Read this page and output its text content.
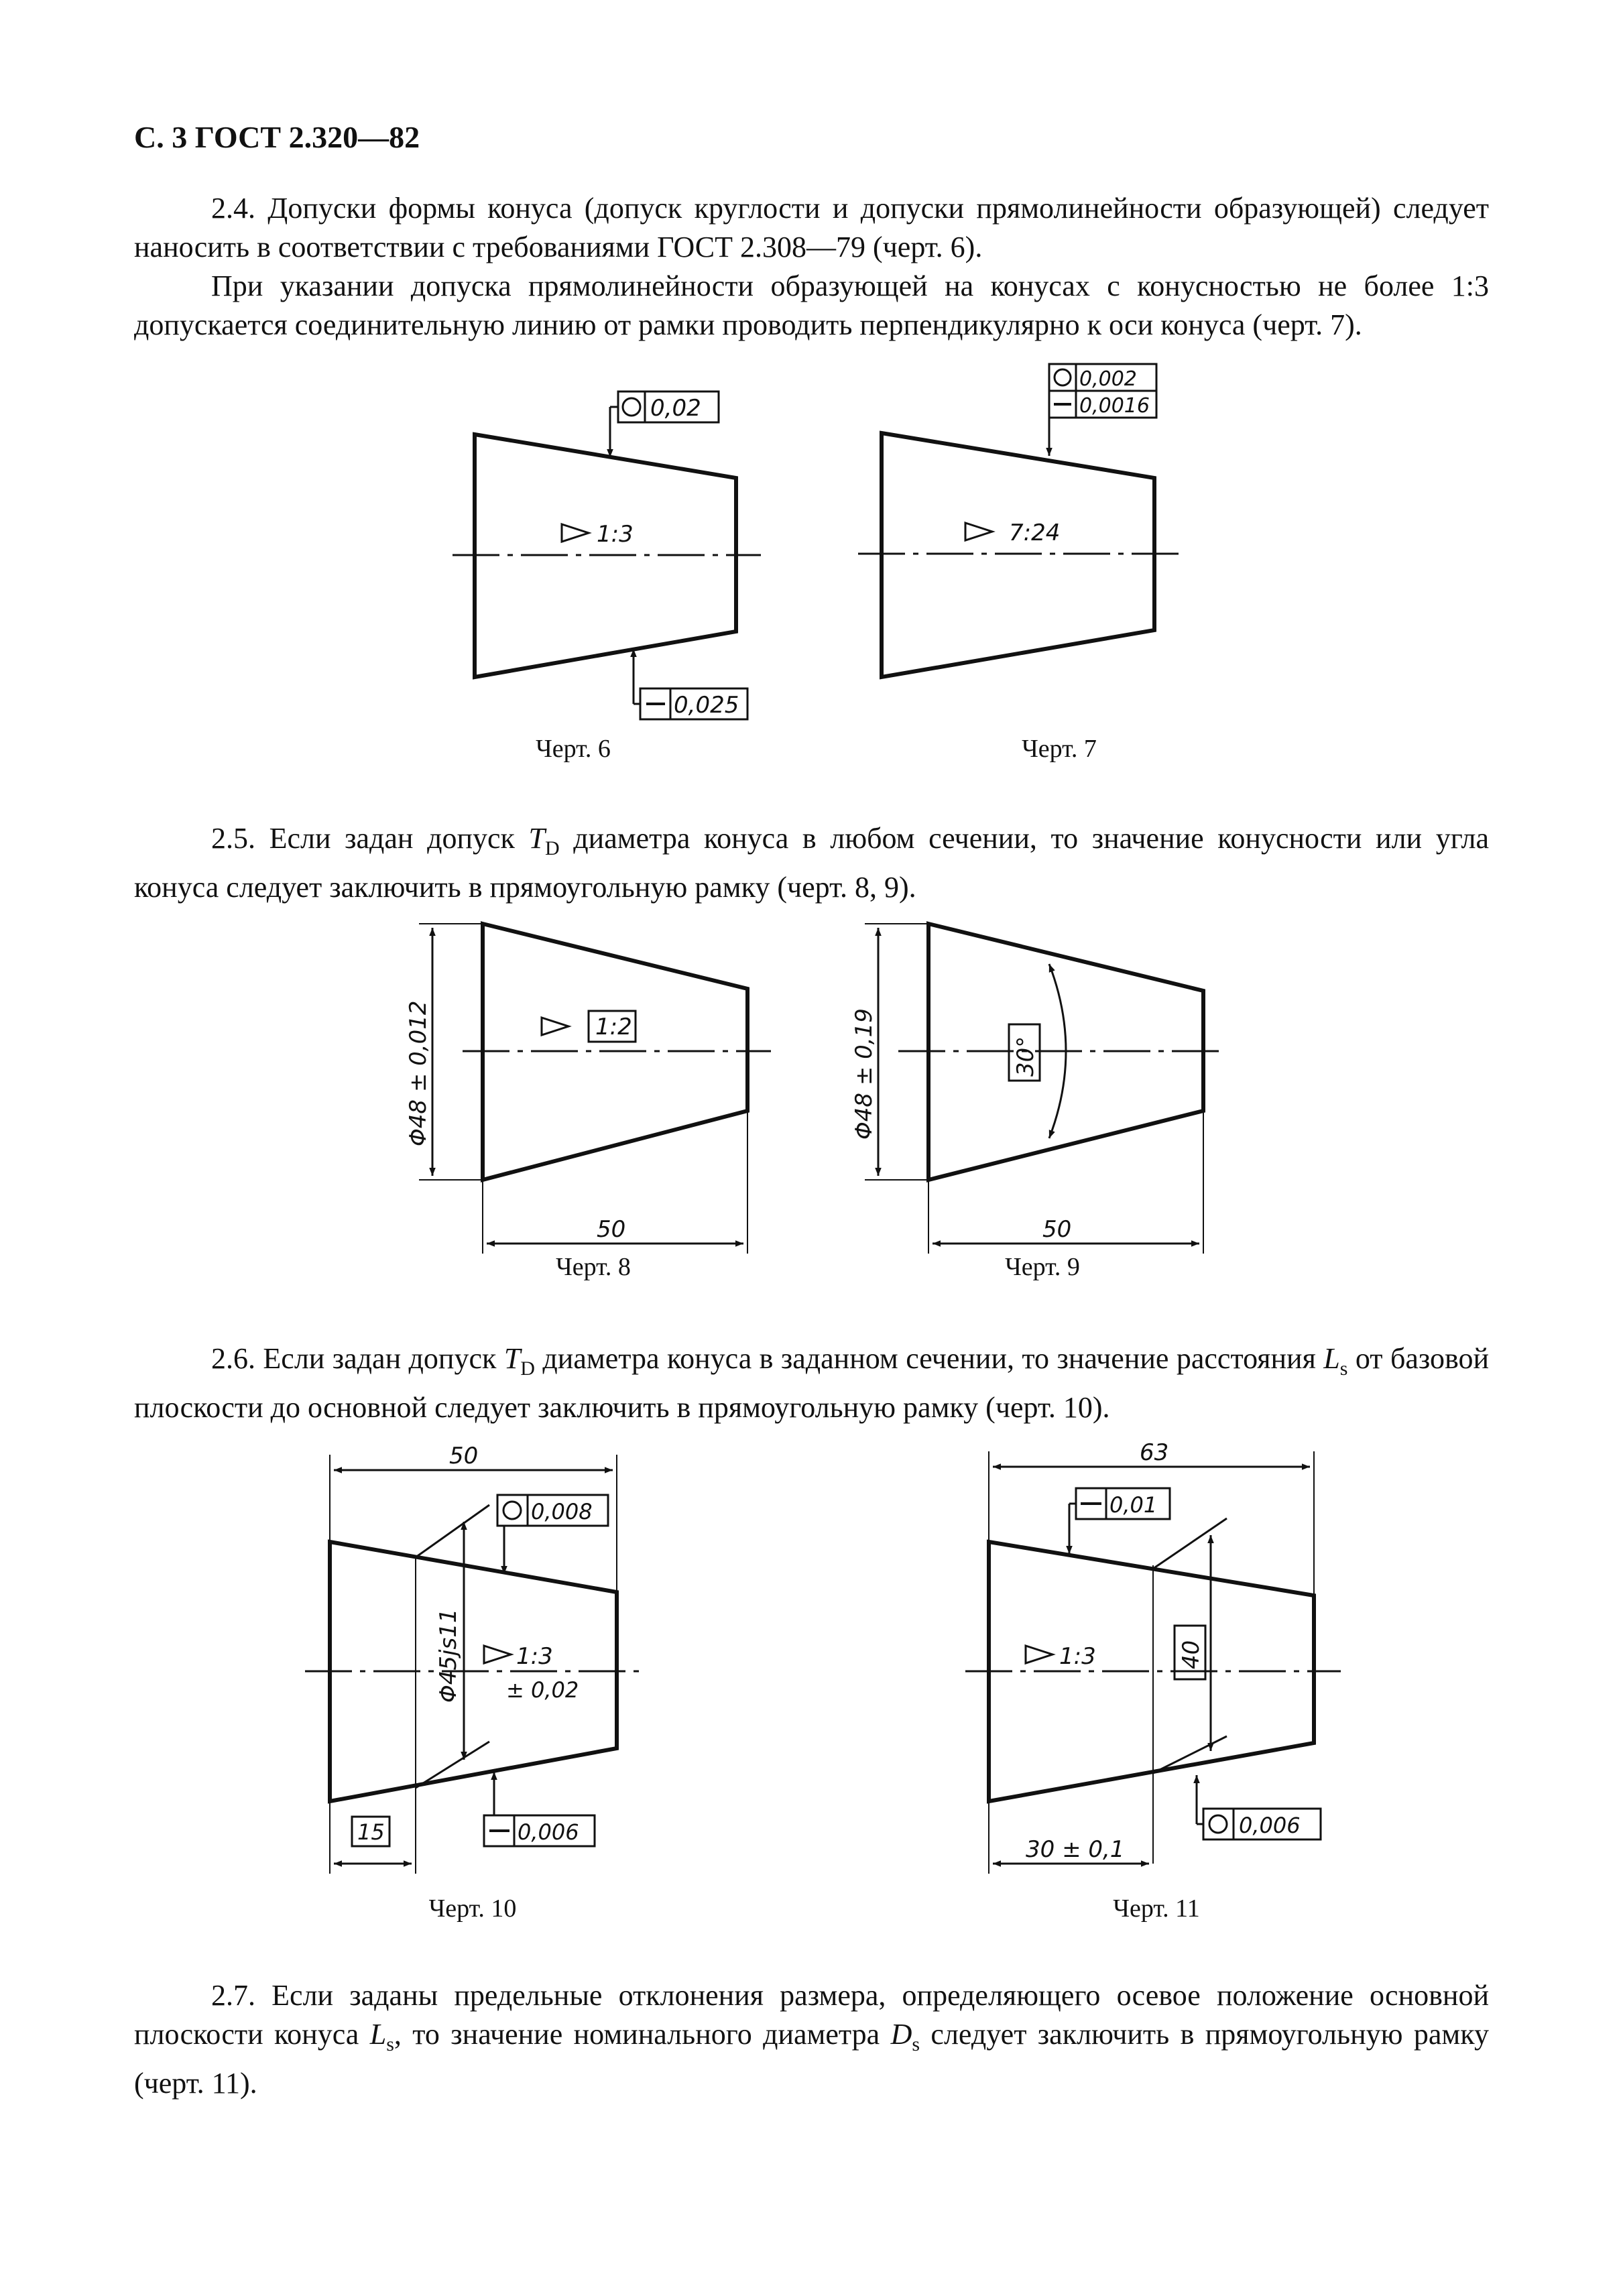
С. 3 ГОСТ 2.320—82
2.4. Допуски формы конуса (допуск круглости и допуски прямолинейности образующей) следует наносить в соответствии с требованиями ГОСТ 2.308—79 (черт. 6).
При указании допуска прямолинейности образующей на конусах с конусностью не более 1:3 допускается соединительную линию от рамки проводить перпендикулярно к оси конуса (черт. 7).
1:3
0,02
0,025
7:24
0,002
0,0016
Черт. 6	Черт. 7
2.5. Если задан допуск $T_D$ диаметра конуса в любом сечении, то значение конусности или угла конуса следует заключить в прямоугольную рамку (черт. 8, 9).
Φ48 ± 0,012	1:2
50
Φ48 ± 0,19	30°
50
Черт. 8	Черт. 9
2.6. Если задан допуск $T_D$ диаметра конуса в заданном сечении, то значение расстояния $L_s$ от базовой плоскости до основной следует заключить в прямоугольную рамку (черт. 10).
50
Φ45js11 1:3
± 0,02
0,008
0,006
15
63
0,01
40
1:3
0,006
30 ± 0,1
Черт. 10	Черт. 11
2.7. Если заданы предельные отклонения размера, определяющего осевое положение основной плоскости конуса $L_s$, то значение номинального диаметра $D_s$ следует заключить в прямоугольную рамку (черт. 11).
